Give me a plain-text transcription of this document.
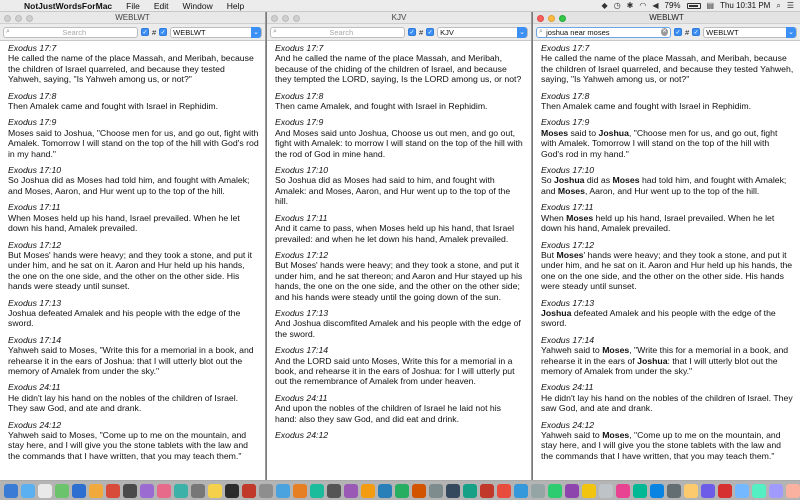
NotJustWordsForMac	File	Edit	Window	Help	◆ ◷ ✱ ◠ ◀ 79%	▤ Thu 10:31 PM ⌕ ☰
WEBLWT
⌕
Search	✓ # ✓ WEBLWT	⌄
Exodus 17:7
He called the name of the place Massah, and Meribah, because the children of Israel quarreled, and because they tested Yahweh, saying, "Is Yahweh among us, or not?"
Exodus 17:8
Then Amalek came and fought with Israel in Rephidim.
Exodus 17:9
Moses said to Joshua, "Choose men for us, and go out, fight with Amalek. Tomorrow I will stand on the top of the hill with God's rod in my hand."
Exodus 17:10
So Joshua did as Moses had told him, and fought with Amalek; and Moses, Aaron, and Hur went up to the top of the hill.
Exodus 17:11
When Moses held up his hand, Israel prevailed. When he let down his hand, Amalek prevailed.
Exodus 17:12
But Moses' hands were heavy; and they took a stone, and put it under him, and he sat on it. Aaron and Hur held up his hands, the one on the one side, and the other on the other side. His hands were steady until sunset.
Exodus 17:13
Joshua defeated Amalek and his people with the edge of the sword.
Exodus 17:14
Yahweh said to Moses, "Write this for a memorial in a book, and rehearse it in the ears of Joshua: that I will utterly blot out the memory of Amalek from under the sky."
Exodus 24:11
He didn't lay his hand on the nobles of the children of Israel. They saw God, and ate and drank.
Exodus 24:12
Yahweh said to Moses, "Come up to me on the mountain, and stay here, and I will give you the stone tablets with the law and the commands that I have written, that you may teach them."
KJV
⌕
Search	✓ # ✓ KJV	⌄
Exodus 17:7
And he called the name of the place Massah, and Meribah, because of the chiding of the children of Israel, and because they tempted the LORD, saying, Is the LORD among us, or not?
Exodus 17:8
Then came Amalek, and fought with Israel in Rephidim.
Exodus 17:9
And Moses said unto Joshua, Choose us out men, and go out, fight with Amalek: to morrow I will stand on the top of the hill with the rod of God in mine hand.
Exodus 17:10
So Joshua did as Moses had said to him, and fought with Amalek: and Moses, Aaron, and Hur went up to the top of the hill.
Exodus 17:11
And it came to pass, when Moses held up his hand, that Israel prevailed: and when he let down his hand, Amalek prevailed.
Exodus 17:12
But Moses' hands were heavy; and they took a stone, and put it under him, and he sat thereon; and Aaron and Hur stayed up his hands, the one on the one side, and the other on the other side; and his hands were steady until the going down of the sun.
Exodus 17:13
And Joshua discomfited Amalek and his people with the edge of the sword.
Exodus 17:14
And the LORD said unto Moses, Write this for a memorial in a book, and rehearse it in the ears of Joshua: for I will utterly put out the remembrance of Amalek from under heaven.
Exodus 24:11
And upon the nobles of the children of Israel he laid not his hand: also they saw God, and did eat and drink.
Exodus 24:12
WEBLWT
⌕
joshua near moses	× ✓ # ✓ WEBLWT	⌄
Exodus 17:7
He called the name of the place Massah, and Meribah, because the children of Israel quarreled, and because they tested Yahweh, saying, "Is Yahweh among us, or not?"
Exodus 17:8
Then Amalek came and fought with Israel in Rephidim.
Exodus 17:9
Moses said to Joshua, "Choose men for us, and go out, fight with Amalek. Tomorrow I will stand on the top of the hill with God's rod in my hand."
Exodus 17:10
So Joshua did as Moses had told him, and fought with Amalek; and Moses, Aaron, and Hur went up to the top of the hill.
Exodus 17:11
When Moses held up his hand, Israel prevailed. When he let down his hand, Amalek prevailed.
Exodus 17:12
But Moses' hands were heavy; and they took a stone, and put it under him, and he sat on it. Aaron and Hur held up his hands, the one on the one side, and the other on the other side. His hands were steady until sunset.
Exodus 17:13
Joshua defeated Amalek and his people with the edge of the sword.
Exodus 17:14
Yahweh said to Moses, "Write this for a memorial in a book, and rehearse it in the ears of Joshua: that I will utterly blot out the memory of Amalek from under the sky."
Exodus 24:11
He didn't lay his hand on the nobles of the children of Israel. They saw God, and ate and drank.
Exodus 24:12
Yahweh said to Moses, "Come up to me on the mountain, and stay here, and I will give you the stone tablets with the law and the commands that I have written, that you may teach them."
